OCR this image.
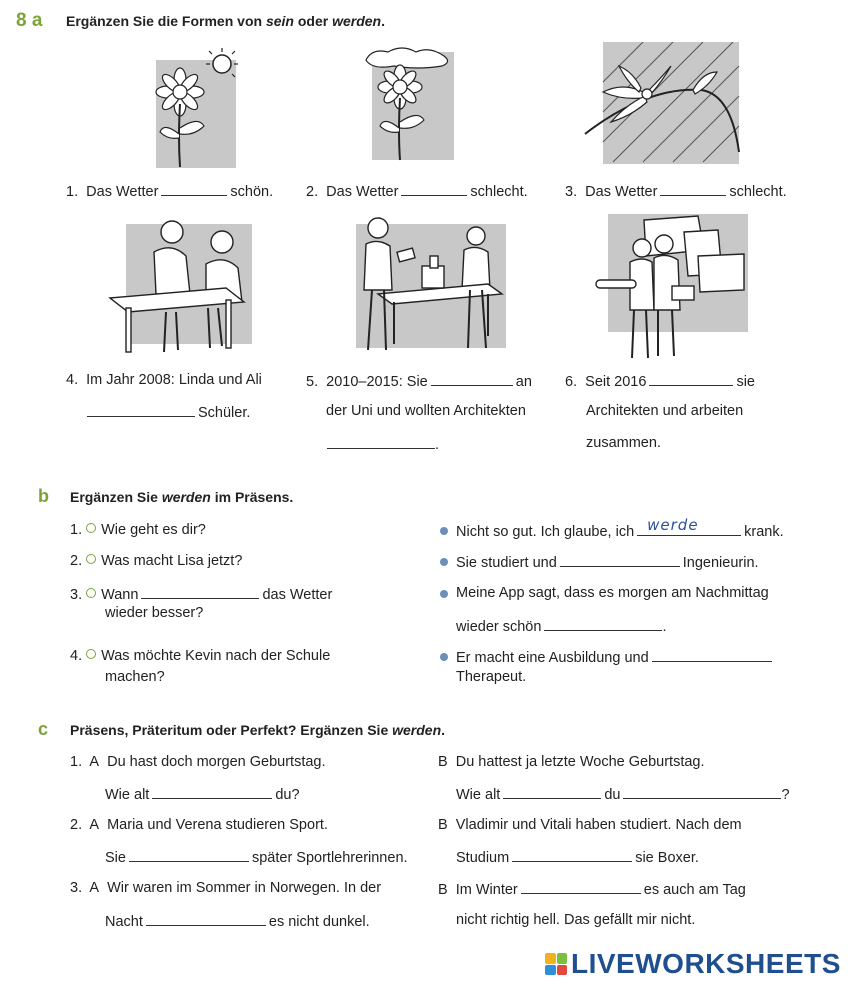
8 a Ergänzen Sie die Formen von sein oder werden.
1. Das Wetter	schön. 2. Das Wetter	schlecht.	3. Das Wetter	schlecht.
4. Im Jahr 2008: Linda und Ali
Schüler.
5. 2010–2015: Sie	an
der Uni und wollten Architekten
.
6. Seit 2016	sie
Architekten und arbeiten
zusammen.
b Ergänzen Sie werden im Präsens.
1. Wie geht es dir?
2. Was macht Lisa jetzt?
3. Wann	das Wetter
wieder besser?
4. Was möchte Kevin nach der Schule
machen?
Nicht so gut. Ich glaube, ich werde	krank.
Sie studiert und	Ingenieurin.
Meine App sagt, dass es morgen am Nachmittag
wieder schön	.
Er macht eine Ausbildung und
Therapeut.
c Präsens, Präteritum oder Perfekt? Ergänzen Sie werden.
1. A Du hast doch morgen Geburtstag.
Wie alt	du?
B Du hattest ja letzte Woche Geburtstag.
Wie alt	du	?
2. A Maria und Verena studieren Sport.
Sie	später Sportlehrerinnen.
B Vladimir und Vitali haben studiert. Nach dem
Studium	sie Boxer.
3. A Wir waren im Sommer in Norwegen. In der
Nacht	es nicht dunkel.
B Im Winter	es auch am Tag
nicht richtig hell. Das gefällt mir nicht.
LIVEWORKSHEETS
